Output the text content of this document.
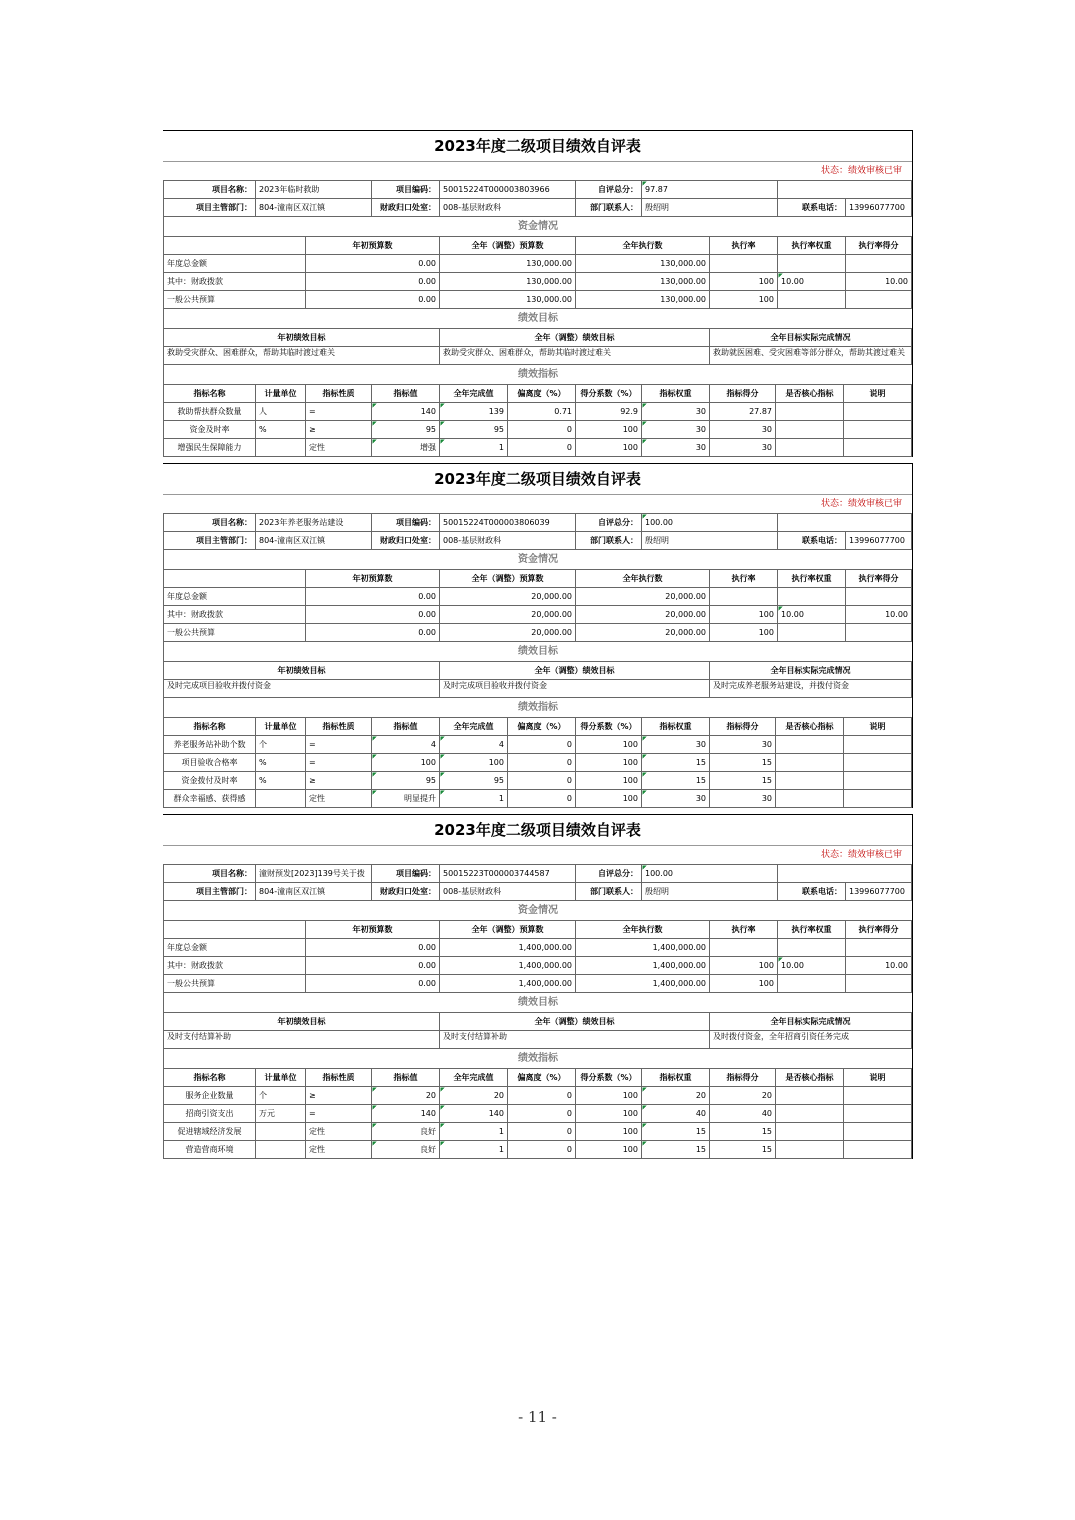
2023年度二级项目绩效自评表
状态：绩效审核已审
项目名称：	2023年临时救助	项目编码：	50015224T000003803966	自评总分：	97.87		
项目主管部门：	804-潼南区双江镇	财政归口处室：	008-基层财政科	部门联系人：	殷绍明	联系电话：	13996077700
资金情况
	年初预算数	全年（调整）预算数	全年执行数	执行率	执行率权重	执行率得分
年度总金额	0.00	130,000.00	130,000.00			
其中：财政拨款	0.00	130,000.00	130,000.00	100	10.00	10.00
一般公共预算	0.00	130,000.00	130,000.00	100		
绩效目标
年初绩效目标	全年（调整）绩效目标	全年目标实际完成情况
救助受灾群众、困难群众，帮助其临时渡过难关	救助受灾群众、困难群众，帮助其临时渡过难关	救助就医困难、受灾困难等部分群众，帮助其渡过难关
绩效指标
指标名称	计量单位	指标性质	指标值	全年完成值	偏离度（%）	得分系数（%）	指标权重	指标得分	是否核心指标	说明
救助帮扶群众数量	人	=	140	139	0.71	92.9	30	27.87		
资金及时率	%	≥	95	95	0	100	30	30		
增强民生保障能力		定性	增强	1	0	100	30	30		
2023年度二级项目绩效自评表
状态：绩效审核已审
项目名称：	2023年养老服务站建设	项目编码：	50015224T000003806039	自评总分：	100.00		
项目主管部门：	804-潼南区双江镇	财政归口处室：	008-基层财政科	部门联系人：	殷绍明	联系电话：	13996077700
资金情况
	年初预算数	全年（调整）预算数	全年执行数	执行率	执行率权重	执行率得分
年度总金额	0.00	20,000.00	20,000.00			
其中：财政拨款	0.00	20,000.00	20,000.00	100	10.00	10.00
一般公共预算	0.00	20,000.00	20,000.00	100		
绩效目标
年初绩效目标	全年（调整）绩效目标	全年目标实际完成情况
及时完成项目验收并拨付资金	及时完成项目验收并拨付资金	及时完成养老服务站建设，并拨付资金
绩效指标
指标名称	计量单位	指标性质	指标值	全年完成值	偏离度（%）	得分系数（%）	指标权重	指标得分	是否核心指标	说明
养老服务站补助个数	个	=	4	4	0	100	30	30		
项目验收合格率	%	=	100	100	0	100	15	15		
资金拨付及时率	%	≥	95	95	0	100	15	15		
群众幸福感、获得感		定性	明显提升	1	0	100	30	30		
2023年度二级项目绩效自评表
状态：绩效审核已审
项目名称：	潼财预发[2023]139号关于拨	项目编码：	50015223T000003744587	自评总分：	100.00		
项目主管部门：	804-潼南区双江镇	财政归口处室：	008-基层财政科	部门联系人：	殷绍明	联系电话：	13996077700
资金情况
	年初预算数	全年（调整）预算数	全年执行数	执行率	执行率权重	执行率得分
年度总金额	0.00	1,400,000.00	1,400,000.00			
其中：财政拨款	0.00	1,400,000.00	1,400,000.00	100	10.00	10.00
一般公共预算	0.00	1,400,000.00	1,400,000.00	100		
绩效目标
年初绩效目标	全年（调整）绩效目标	全年目标实际完成情况
及时支付结算补助	及时支付结算补助	及时拨付资金，全年招商引资任务完成
绩效指标
指标名称	计量单位	指标性质	指标值	全年完成值	偏离度（%）	得分系数（%）	指标权重	指标得分	是否核心指标	说明
服务企业数量	个	≥	20	20	0	100	20	20		
招商引资支出	万元	=	140	140	0	100	40	40		
促进辖域经济发展		定性	良好	1	0	100	15	15		
营造营商环境		定性	良好	1	0	100	15	15		
- 11 -
